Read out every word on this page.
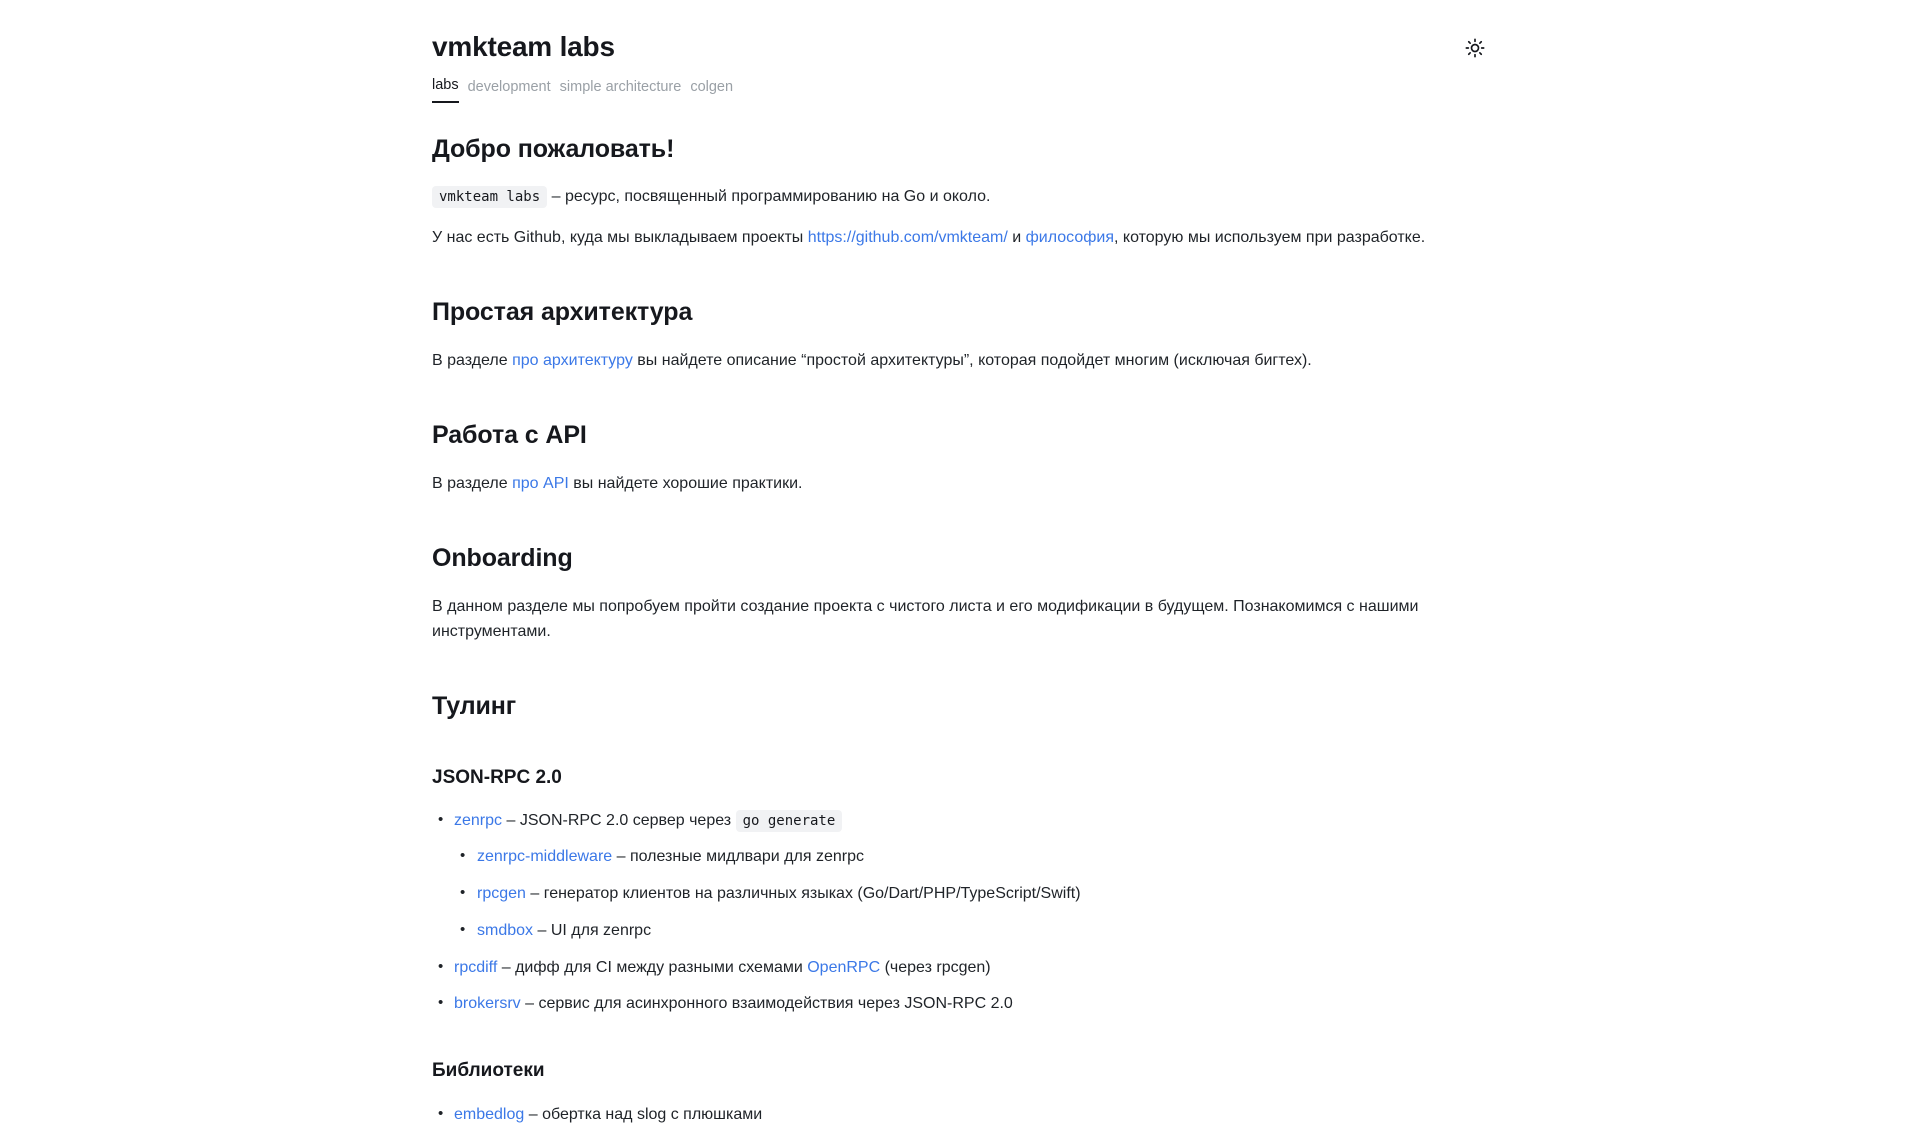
vmkteam labs
labs development simple architecture colgen
Добро пожаловать!

vmkteam labs – ресурс, посвященный программированию на Go и около.

У нас есть Github, куда мы выкладываем проекты https://github.com/vmkteam/ и философия, которую мы используем при разработке.

Простая архитектура

В разделе про архитектуру вы найдете описание “простой архитектуры”, которая подойдет многим (исключая бигтех).

Работа с API

В разделе про API вы найдете хорошие практики.

Onboarding

В данном разделе мы попробуем пройти создание проекта с чистого листа и его модификации в будущем. Познакомимся с нашими инструментами.

Тулинг
JSON-RPC 2.0
• zenrpc – JSON-RPC 2.0 сервер через go generate
• zenrpc-middleware – полезные мидлвари для zenrpc
• rpcgen – генератор клиентов на различных языках (Go/Dart/PHP/TypeScript/Swift)
• smdbox – UI для zenrpc
• rpcdiff – дифф для CI между разными схемами OpenRPC (через rpcgen)
• brokersrv – сервис для асинхронного взаимодействия через JSON-RPC 2.0
Библиотеки
• embedlog – обертка над slog с плюшками
